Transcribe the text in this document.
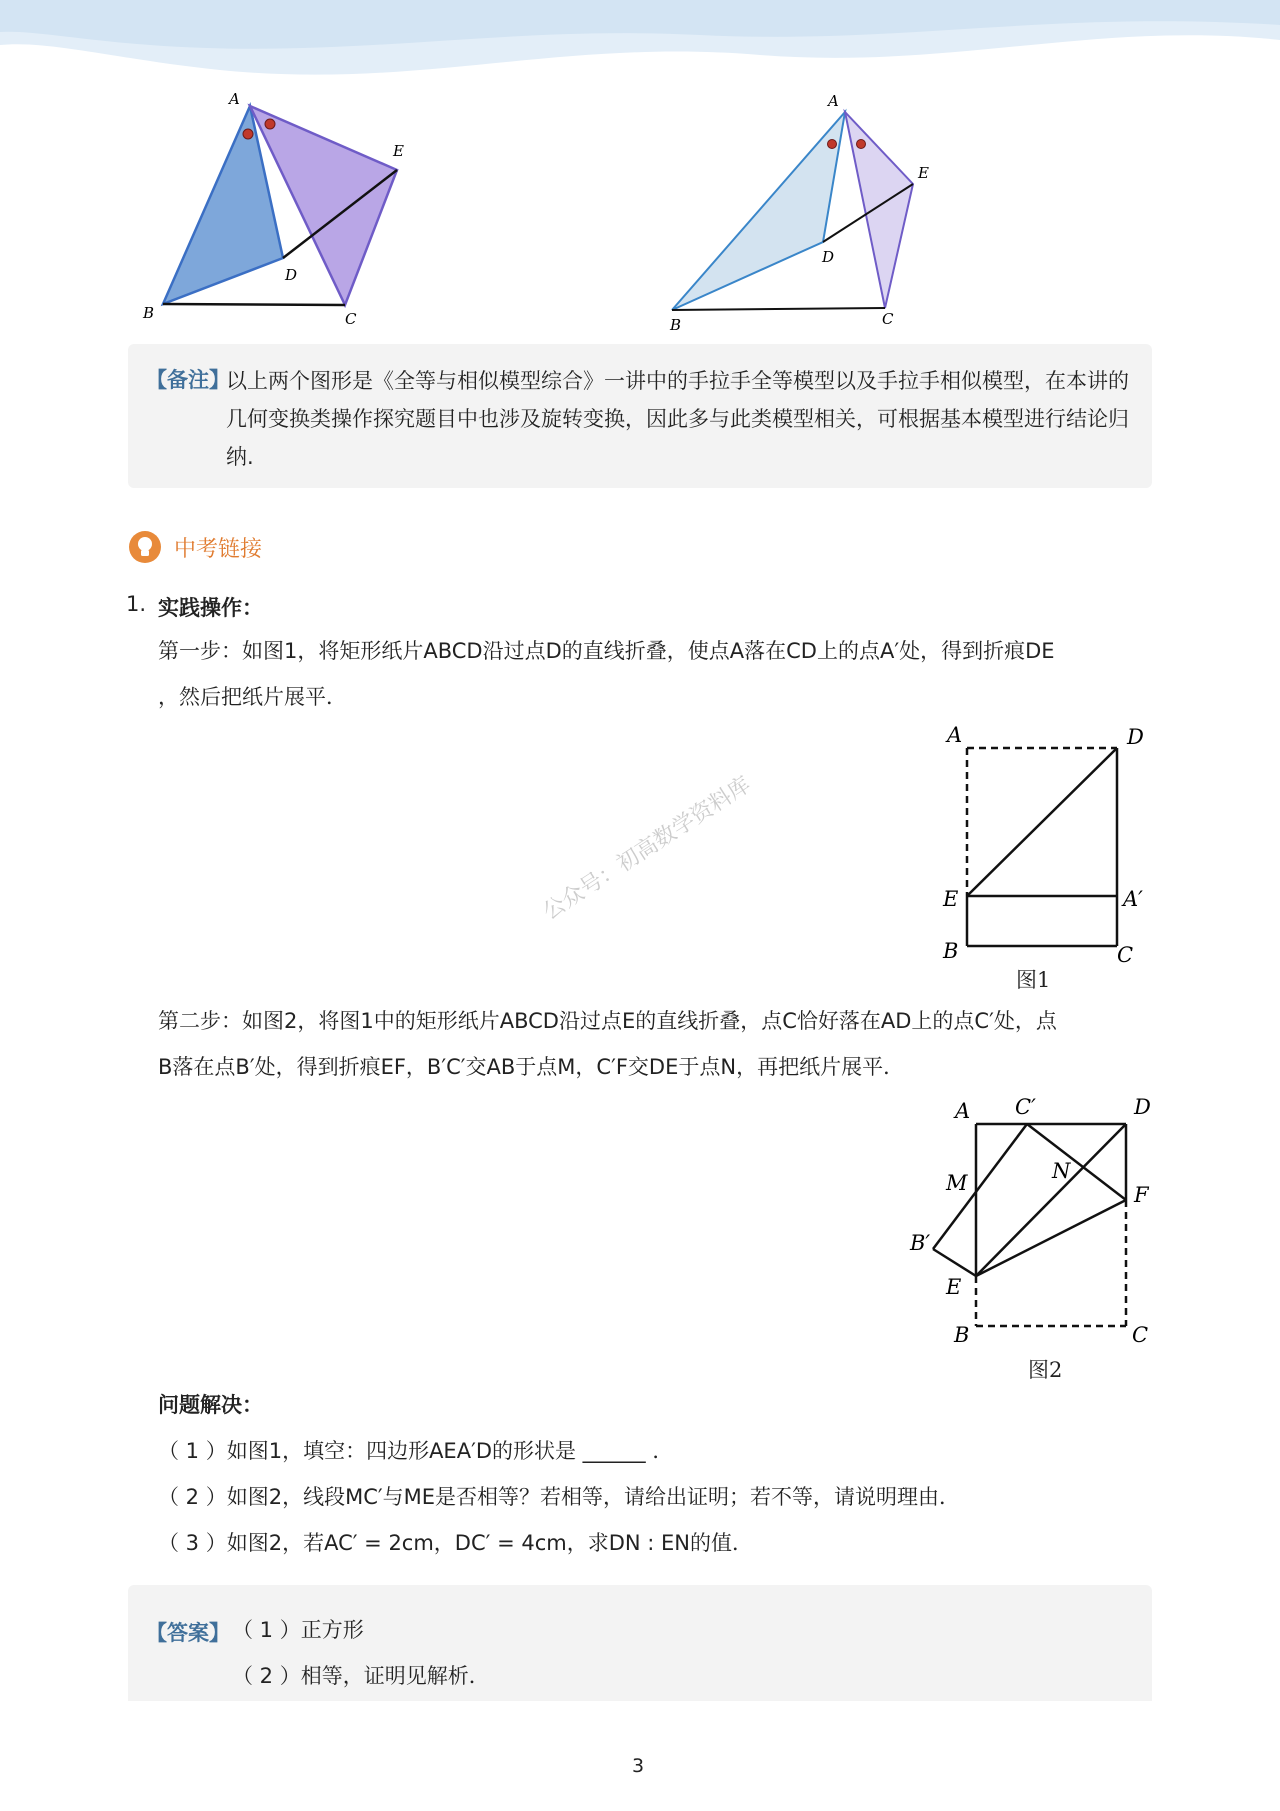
A
E
D
B	C
A
E
D
B	C
【备注】
以上两个图形是《全等与相似模型综合》一讲中的手拉手全等模型以及手拉手相似模型，在本讲的几何变换类操作探究题目中也涉及旋转变换，因此多与此类模型相关，可根据基本模型进行结论归纳.
中考链接
1. 实践操作：
第一步：如图1，将矩形纸片ABCD沿过点D的直线折叠，使点A落在CD上的点A′处，得到折痕DE
，然后把纸片展平．
A	D
E	A′
B	C
图1
公众号：初高数学资料库
第二步：如图2，将图1中的矩形纸片ABCD沿过点E的直线折叠，点C恰好落在AD上的点C′处，点
B落在点B′处，得到折痕EF，B′C′交AB于点M，C′F交DE于点N，再把纸片展平．
A C′	D
M	N
F
B′
E
B	C
图2
问题解决：
（ 1 ）如图1，填空：四边形AEA′D的形状是 ______ ．
（ 2 ）如图2，线段MC′与ME是否相等？若相等，请给出证明；若不等，请说明理由．
（ 3 ）如图2，若AC′ = 2cm，DC′ = 4cm，求DN : EN的值．
【答案】 （ 1 ）正方形
（ 2 ）相等，证明见解析．
3
